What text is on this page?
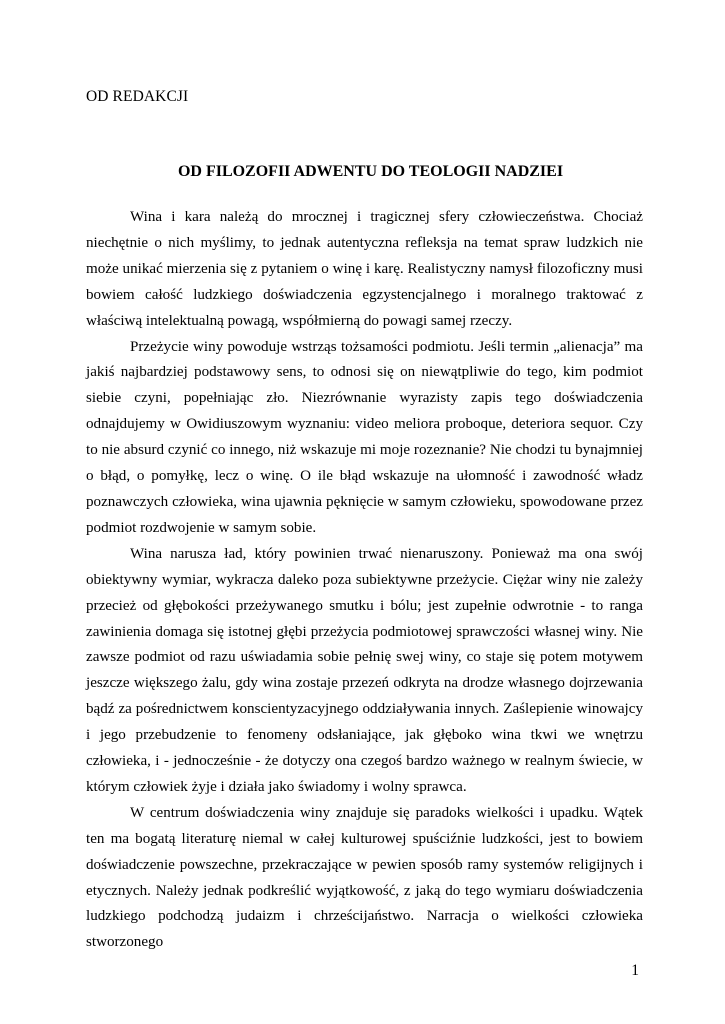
OD REDAKCJI
OD FILOZOFII ADWENTU DO TEOLOGII NADZIEI

Wina i kara należą do mrocznej i tragicznej sfery człowieczeństwa. Chociaż niechętnie o nich myślimy, to jednak autentyczna refleksja na temat spraw ludzkich nie może unikać mierzenia się z pytaniem o winę i karę. Realistyczny namysł filozoficzny musi bowiem całość ludzkiego doświadczenia egzystencjalnego i moralnego traktować z właściwą intelektualną powagą, współmierną do powagi samej rzeczy.

Przeżycie winy powoduje wstrząs tożsamości podmiotu. Jeśli termin „alienacja” ma jakiś najbardziej podstawowy sens, to odnosi się on niewątpliwie do tego, kim podmiot siebie czyni, popełniając zło. Niezrównanie wyrazisty zapis tego doświadczenia odnajdujemy w Owidiuszowym wyznaniu: video meliora proboque, deteriora sequor. Czy to nie absurd czynić co innego, niż wskazuje mi moje rozeznanie? Nie chodzi tu bynajmniej o błąd, o pomyłkę, lecz o winę. O ile błąd wskazuje na ułomność i zawodność władz poznawczych człowieka, wina ujawnia pęknięcie w samym człowieku, spowodowane przez podmiot rozdwojenie w samym sobie.

Wina narusza ład, który powinien trwać nienaruszony. Ponieważ ma ona swój obiektywny wymiar, wykracza daleko poza subiektywne przeżycie. Ciężar winy nie zależy przecież od głębokości przeżywanego smutku i bólu; jest zupełnie odwrotnie - to ranga zawinienia domaga się istotnej głębi przeżycia podmiotowej sprawczości własnej winy. Nie zawsze podmiot od razu uświadamia sobie pełnię swej winy, co staje się potem motywem jeszcze większego żalu, gdy wina zostaje przezeń odkryta na drodze własnego dojrzewania bądź za pośrednictwem konscientyzacyjnego oddziaływania innych. Zaślepienie winowajcy i jego przebudzenie to fenomeny odsłaniające, jak głęboko wina tkwi we wnętrzu człowieka, i - jednocześnie - że dotyczy ona czegoś bardzo ważnego w realnym świecie, w którym człowiek żyje i działa jako świadomy i wolny sprawca.

W centrum doświadczenia winy znajduje się paradoks wielkości i upadku. Wątek ten ma bogatą literaturę niemal w całej kulturowej spuściźnie ludzkości, jest to bowiem doświadczenie powszechne, przekraczające w pewien sposób ramy systemów religijnych i etycznych. Należy jednak podkreślić wyjątkowość, z jaką do tego wymiaru doświadczenia ludzkiego podchodzą judaizm i chrześcijaństwo. Narracja o wielkości człowieka stworzonego

1
